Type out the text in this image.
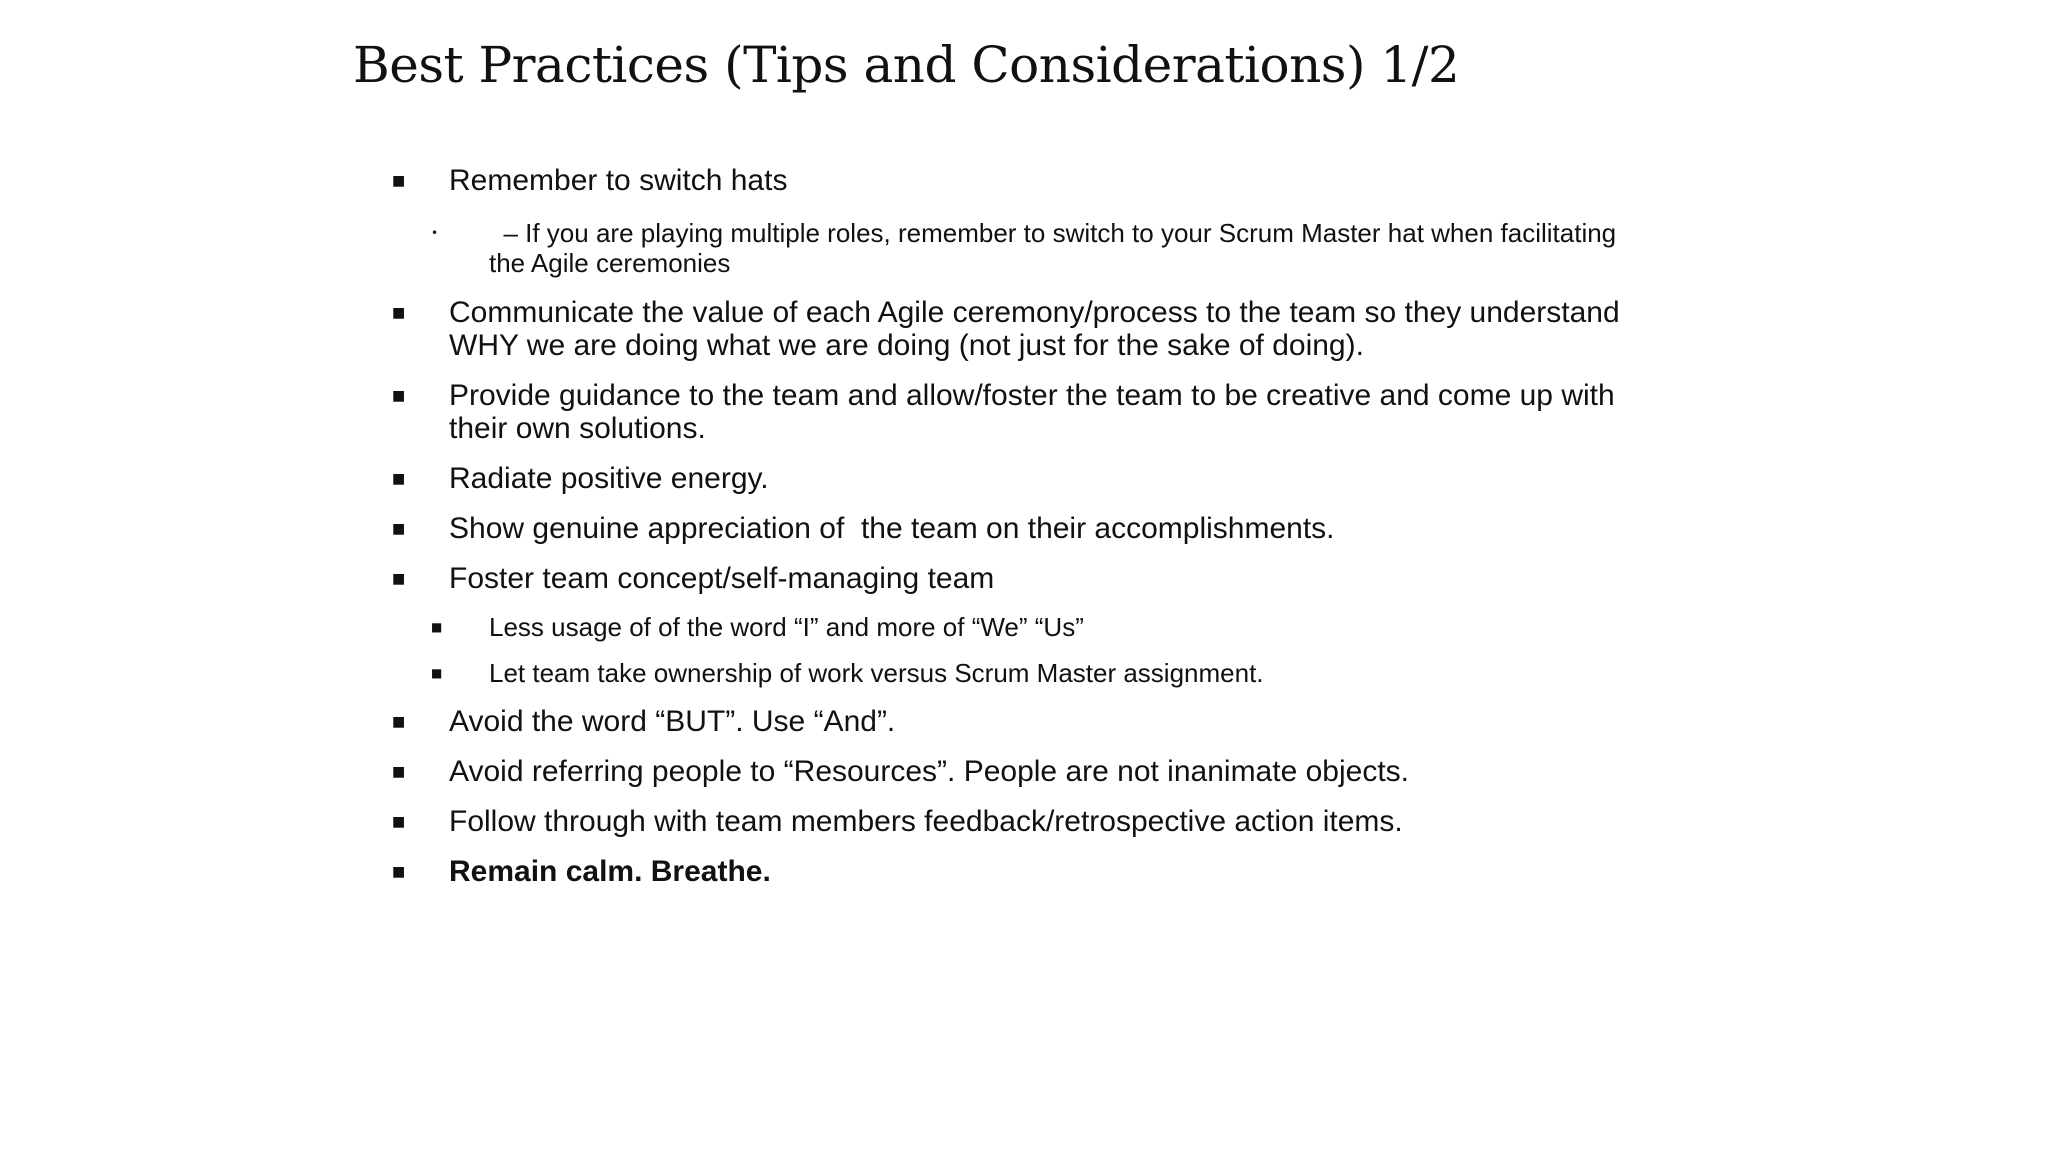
Best Practices (Tips and Considerations) 1/2
■ Remember to switch hats
• – If you are playing multiple roles, remember to switch to your Scrum Master hat when facilitating
the Agile ceremonies
■ Communicate the value of each Agile ceremony/process to the team so they understand
WHY we are doing what we are doing (not just for the sake of doing).
■ Provide guidance to the team and allow/foster the team to be creative and come up with
their own solutions.
■ Radiate positive energy.
■ Show genuine appreciation of  the team on their accomplishments.
■ Foster team concept/self-managing team
■ Less usage of of the word “I” and more of “We” “Us”
■ Let team take ownership of work versus Scrum Master assignment.
■ Avoid the word “BUT”. Use “And”.
■ Avoid referring people to “Resources”. People are not inanimate objects.
■ Follow through with team members feedback/retrospective action items.
■ Remain calm. Breathe.
